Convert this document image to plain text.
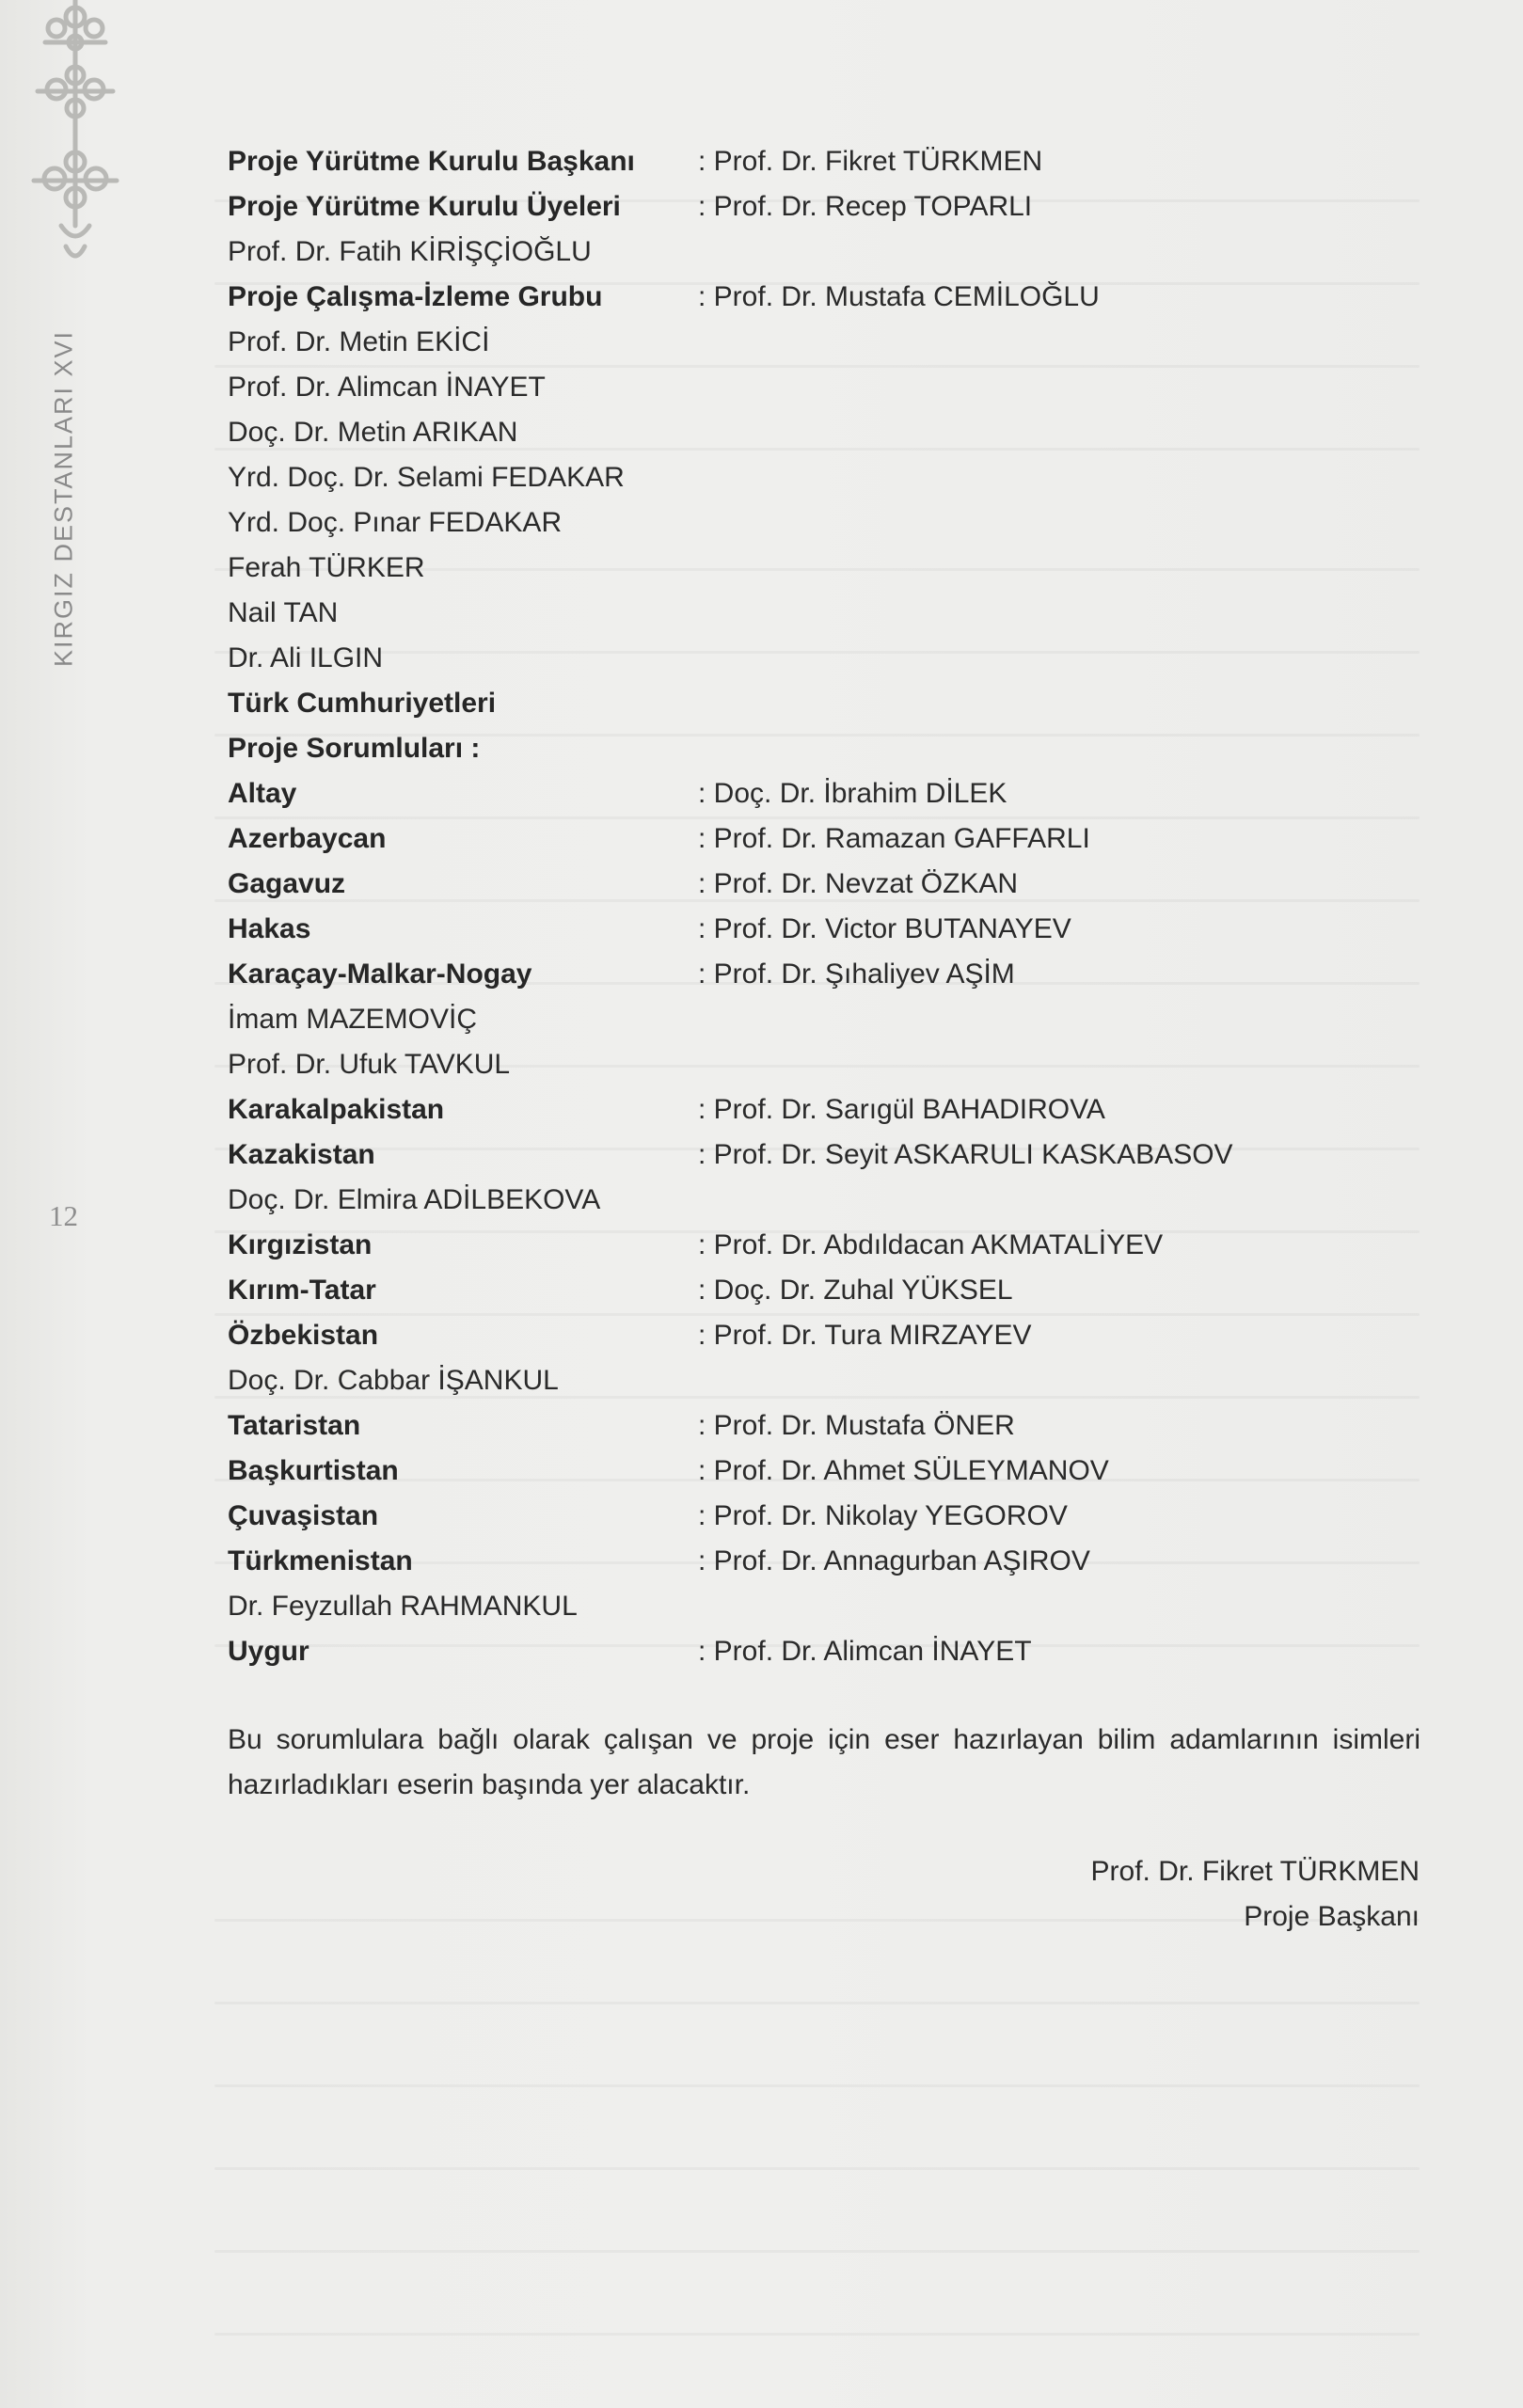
KIRGIZ DESTANLARI XVI
12
Proje Yürütme Kurulu Başkanı : Prof. Dr. Fikret TÜRKMEN
Proje Yürütme Kurulu Üyeleri	: Prof. Dr. Recep TOPARLI
Prof. Dr. Fatih KİRİŞÇİOĞLU
Proje Çalışma-İzleme Grubu	: Prof. Dr. Mustafa CEMİLOĞLU
Prof. Dr. Metin EKİCİ
Prof. Dr. Alimcan İNAYET
Doç. Dr. Metin ARIKAN
Yrd. Doç. Dr. Selami FEDAKAR
Yrd. Doç. Pınar FEDAKAR
Ferah TÜRKER
Nail TAN
Dr. Ali ILGIN
Türk Cumhuriyetleri
Proje Sorumluları :
Altay	: Doç. Dr. İbrahim DİLEK
Azerbaycan	: Prof. Dr. Ramazan GAFFARLI
Gagavuz	: Prof. Dr. Nevzat ÖZKAN
Hakas	: Prof. Dr. Victor BUTANAYEV
Karaçay-Malkar-Nogay	: Prof. Dr. Şıhaliyev AŞİM
İmam MAZEMOVİÇ
Prof. Dr. Ufuk TAVKUL
Karakalpakistan	: Prof. Dr. Sarıgül BAHADIROVA
Kazakistan	: Prof. Dr. Seyit ASKARULI KASKABASOV
Doç. Dr. Elmira ADİLBEKOVA
Kırgızistan	: Prof. Dr. Abdıldacan AKMATALİYEV
Kırım-Tatar	: Doç. Dr. Zuhal YÜKSEL
Özbekistan	: Prof. Dr. Tura MIRZAYEV
Doç. Dr. Cabbar İŞANKUL
Tataristan	: Prof. Dr. Mustafa ÖNER
Başkurtistan	: Prof. Dr. Ahmet SÜLEYMANOV
Çuvaşistan	: Prof. Dr. Nikolay YEGOROV
Türkmenistan	: Prof. Dr. Annagurban AŞIROV
Dr. Feyzullah RAHMANKUL
Uygur	: Prof. Dr. Alimcan İNAYET
Bu sorumlulara bağlı olarak çalışan ve proje için eser hazırlayan bilim adamlarının isimleri hazırladıkları eserin başında yer alacaktır.
Prof. Dr. Fikret TÜRKMEN
Proje Başkanı
